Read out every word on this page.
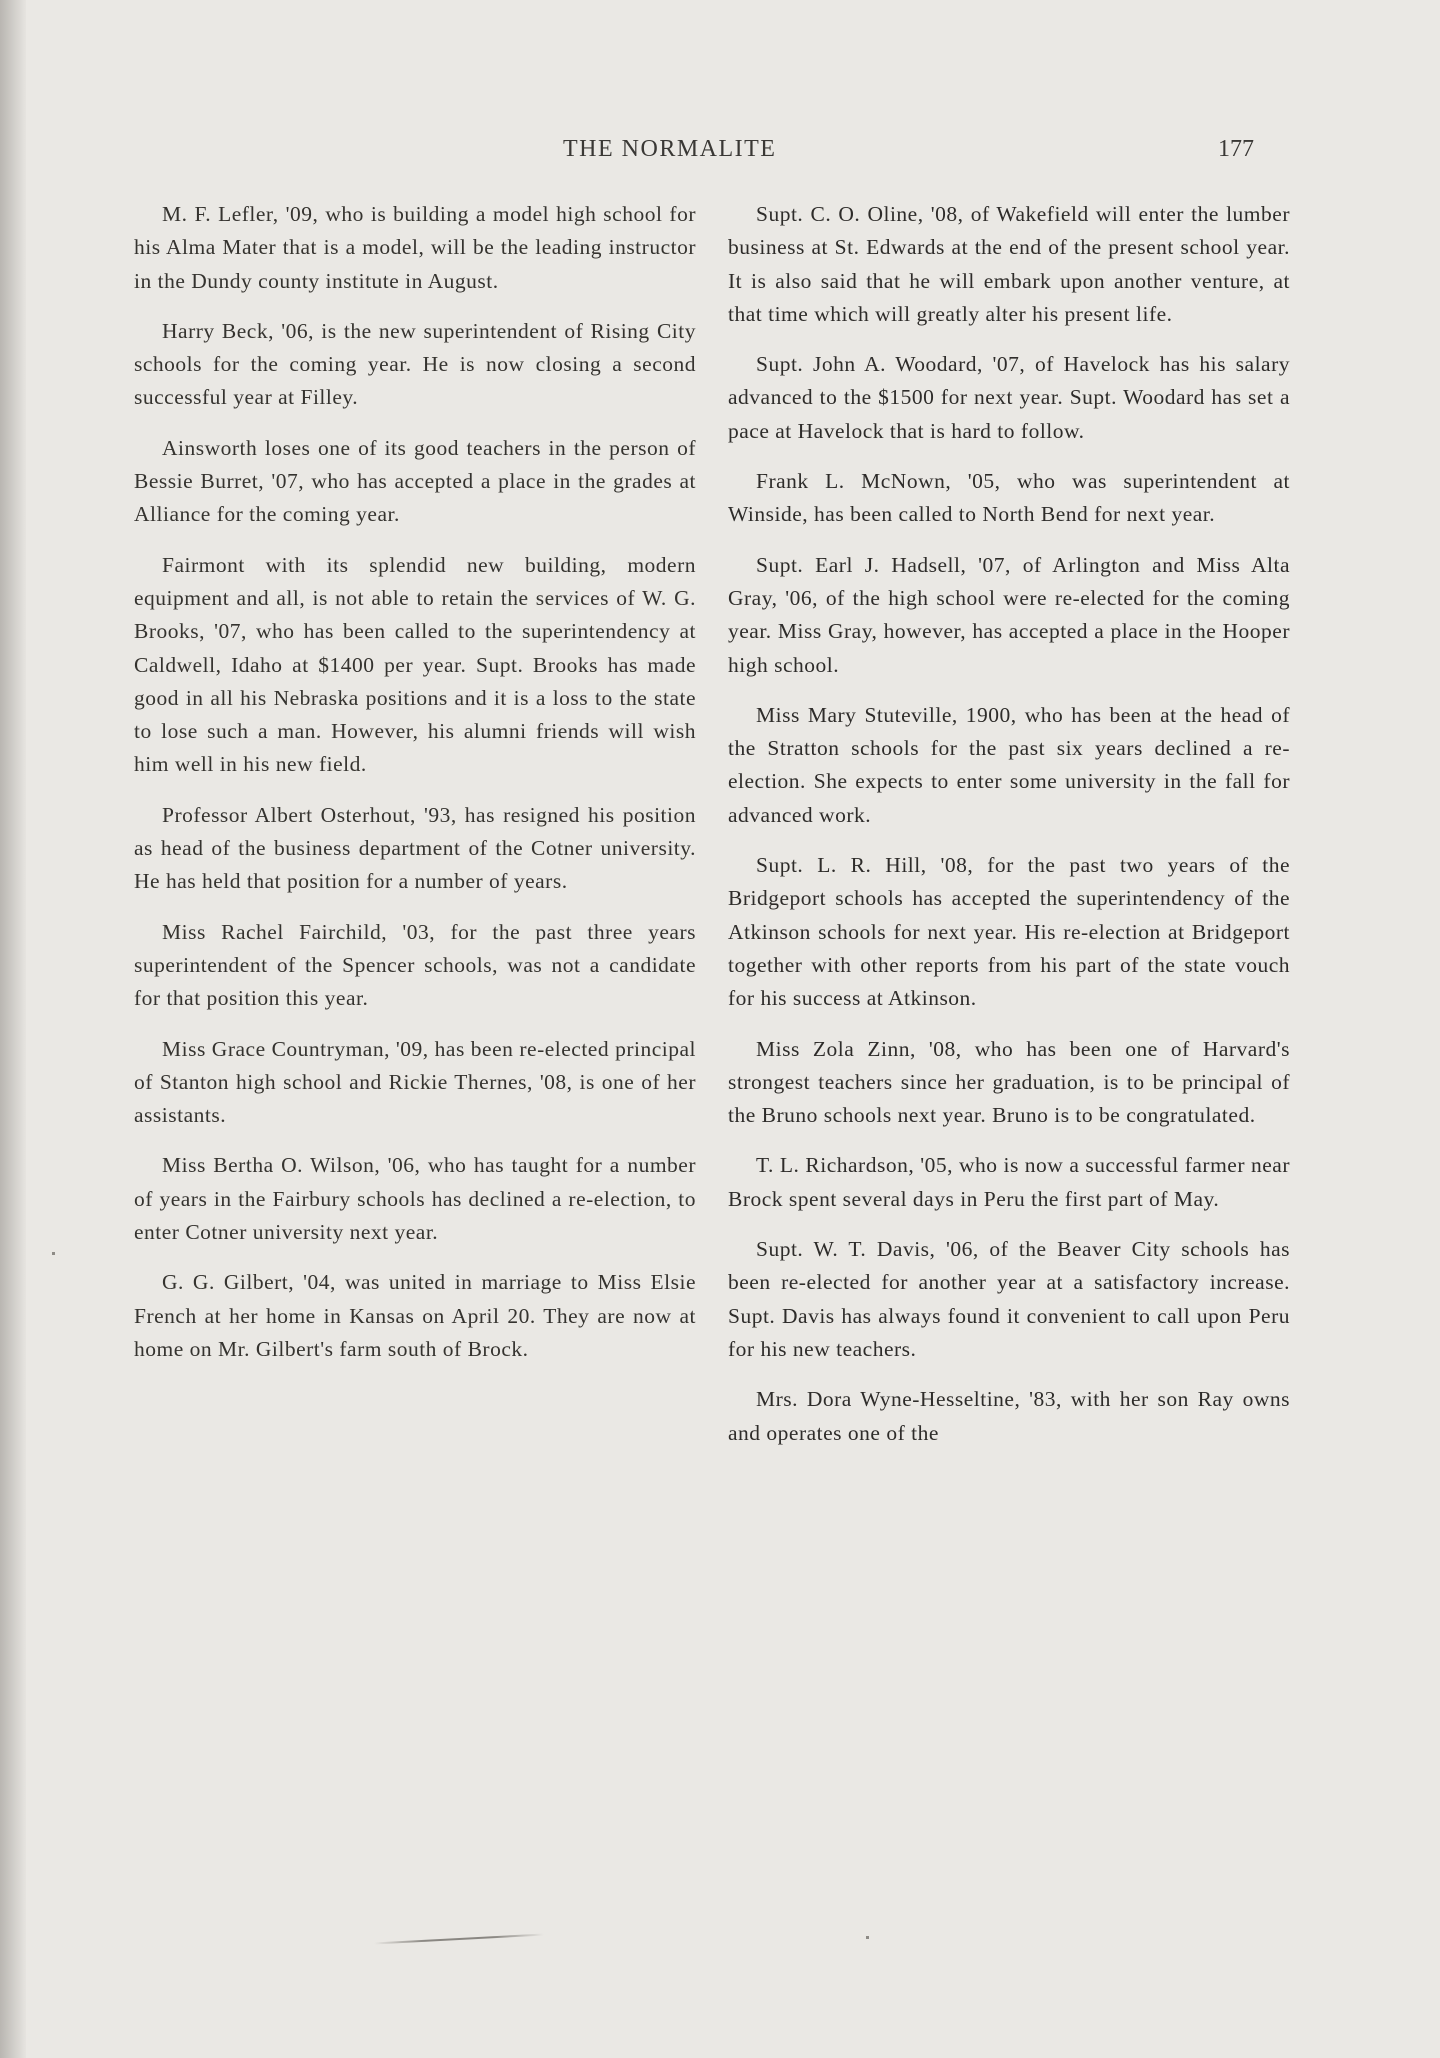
THE NORMALITE	177

M. F. Lefler, '09, who is building a model high school for his Alma Mater that is a model, will be the leading instructor in the Dundy county institute in August.

Harry Beck, '06, is the new superintendent of Rising City schools for the coming year. He is now closing a second successful year at Filley.

Ainsworth loses one of its good teachers in the person of Bessie Burret, '07, who has accepted a place in the grades at Alliance for the coming year.

Fairmont with its splendid new building, modern equipment and all, is not able to retain the services of W. G. Brooks, '07, who has been called to the superintendency at Caldwell, Idaho at $1400 per year. Supt. Brooks has made good in all his Nebraska positions and it is a loss to the state to lose such a man. However, his alumni friends will wish him well in his new field.

Professor Albert Osterhout, '93, has resigned his position as head of the business department of the Cotner university. He has held that position for a number of years.

Miss Rachel Fairchild, '03, for the past three years superintendent of the Spencer schools, was not a candidate for that position this year.

Miss Grace Countryman, '09, has been re-elected principal of Stanton high school and Rickie Thernes, '08, is one of her assistants.

Miss Bertha O. Wilson, '06, who has taught for a number of years in the Fairbury schools has declined a re-election, to enter Cotner university next year.

G. G. Gilbert, '04, was united in marriage to Miss Elsie French at her home in Kansas on April 20. They are now at home on Mr. Gilbert's farm south of Brock.

Supt. C. O. Oline, '08, of Wakefield will enter the lumber business at St. Edwards at the end of the present school year. It is also said that he will embark upon another venture, at that time which will greatly alter his present life.

Supt. John A. Woodard, '07, of Havelock has his salary advanced to the $1500 for next year. Supt. Woodard has set a pace at Havelock that is hard to follow.

Frank L. McNown, '05, who was superintendent at Winside, has been called to North Bend for next year.

Supt. Earl J. Hadsell, '07, of Arlington and Miss Alta Gray, '06, of the high school were re-elected for the coming year. Miss Gray, however, has accepted a place in the Hooper high school.

Miss Mary Stuteville, 1900, who has been at the head of the Stratton schools for the past six years declined a re-election. She expects to enter some university in the fall for advanced work.

Supt. L. R. Hill, '08, for the past two years of the Bridgeport schools has accepted the superintendency of the Atkinson schools for next year. His re-election at Bridgeport together with other reports from his part of the state vouch for his success at Atkinson.

Miss Zola Zinn, '08, who has been one of Harvard's strongest teachers since her graduation, is to be principal of the Bruno schools next year. Bruno is to be congratulated.

T. L. Richardson, '05, who is now a successful farmer near Brock spent several days in Peru the first part of May.

Supt. W. T. Davis, '06, of the Beaver City schools has been re-elected for another year at a satisfactory increase. Supt. Davis has always found it convenient to call upon Peru for his new teachers.

Mrs. Dora Wyne-Hesseltine, '83, with her son Ray owns and operates one of the
